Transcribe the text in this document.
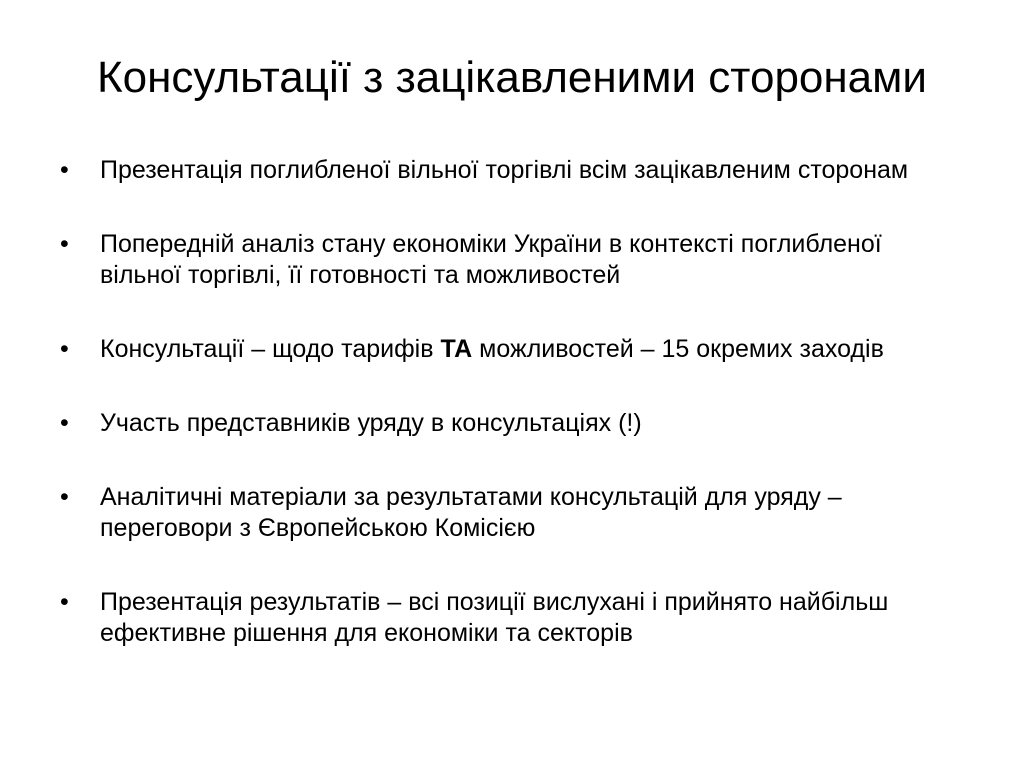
Консультації з зацікавленими сторонами
• Презентація поглибленої вільної торгівлі всім зацікавленим сторонам
• Попередній аналіз стану економіки України в контексті поглибленої вільної торгівлі, її готовності та можливостей
• Консультації – щодо тарифів ТА можливостей – 15 окремих заходів
• Участь представників уряду в консультаціях (!)
• Аналітичні матеріали за результатами консультацій для уряду – переговори з Європейською Комісією
• Презентація результатів – всі позиції вислухані і прийнято найбільш ефективне рішення для економіки та секторів
